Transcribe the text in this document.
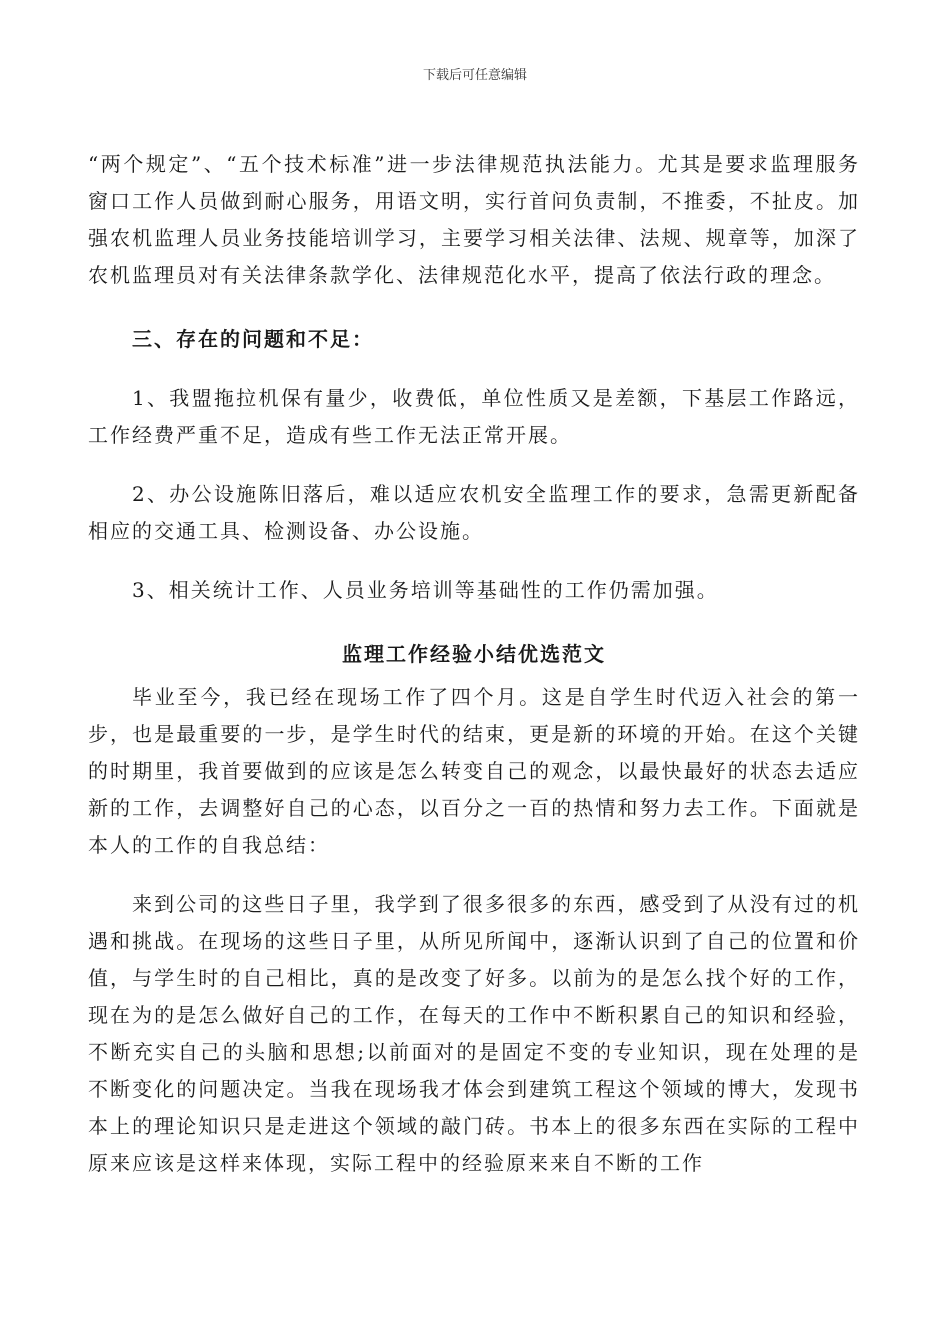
下载后可任意编辑

“两个规定”、“五个技术标准”进一步法律规范执法能力。尤其是要求监理服务窗口工作人员做到耐心服务，用语文明，实行首问负责制，不推委，不扯皮。加强农机监理人员业务技能培训学习，主要学习相关法律、法规、规章等，加深了农机监理员对有关法律条款学化、法律规范化水平，提高了依法行政的理念。

三、存在的问题和不足：

1、我盟拖拉机保有量少，收费低，单位性质又是差额，下基层工作路远，工作经费严重不足，造成有些工作无法正常开展。

2、办公设施陈旧落后，难以适应农机安全监理工作的要求，急需更新配备相应的交通工具、检测设备、办公设施。

3、相关统计工作、人员业务培训等基础性的工作仍需加强。

监理工作经验小结优选范文

毕业至今，我已经在现场工作了四个月。这是自学生时代迈入社会的第一步，也是最重要的一步，是学生时代的结束，更是新的环境的开始。在这个关键的时期里，我首要做到的应该是怎么转变自己的观念，以最快最好的状态去适应新的工作，去调整好自己的心态，以百分之一百的热情和努力去工作。下面就是本人的工作的自我总结：

来到公司的这些日子里，我学到了很多很多的东西，感受到了从没有过的机遇和挑战。在现场的这些日子里，从所见所闻中，逐渐认识到了自己的位置和价值，与学生时的自己相比，真的是改变了好多。以前为的是怎么找个好的工作，现在为的是怎么做好自己的工作，在每天的工作中不断积累自己的知识和经验，不断充实自己的头脑和思想;以前面对的是固定不变的专业知识，现在处理的是不断变化的问题决定。当我在现场我才体会到建筑工程这个领域的博大，发现书本上的理论知识只是走进这个领域的敲门砖。书本上的很多东西在实际的工程中原来应该是这样来体现，实际工程中的经验原来来自不断的工作
